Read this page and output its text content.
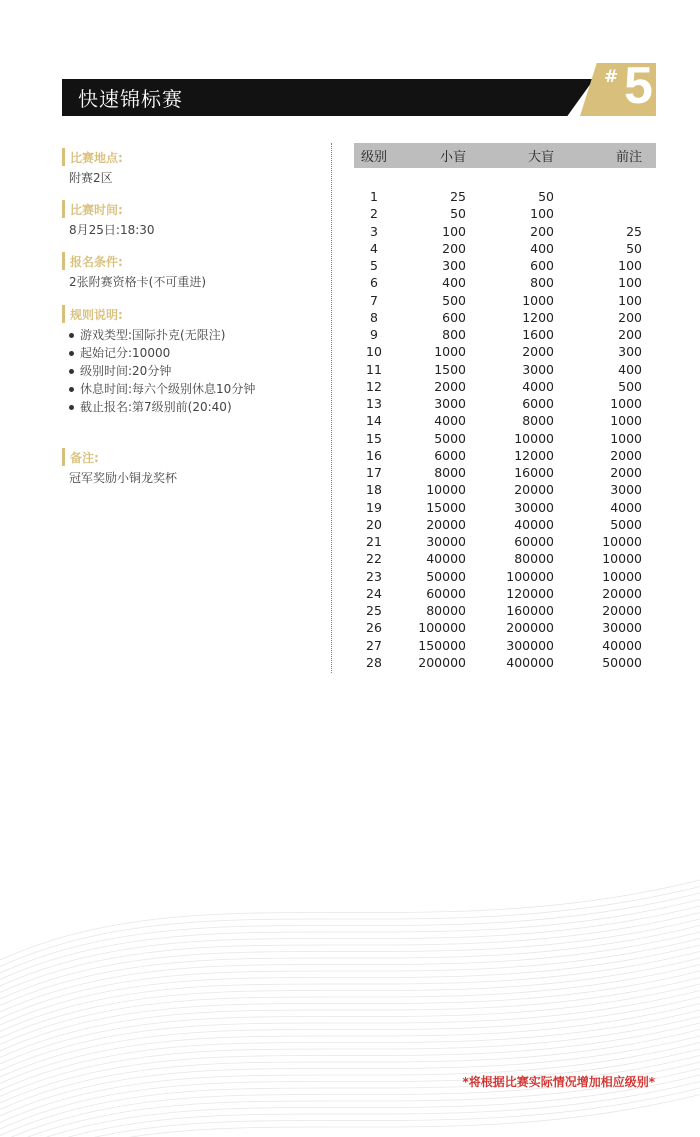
快速锦标赛
# 5
比赛地点:
附赛2区
比赛时间:
8月25日:18:30
报名条件:
2张附赛资格卡(不可重进)
规则说明:
游戏类型:国际扑克(无限注)
起始记分:10000
级别时间:20分钟
休息时间:每六个级别休息10分钟
截止报名:第7级别前(20:40)
备注:
冠军奖励小铜龙奖杯
级别	小盲	大盲	前注
1	25	50
2	50	100
3	100	200	25
4	200	400	50
5	300	600	100
6	400	800	100
7	500	1000	100
8	600	1200	200
9	800	1600	200
10	1000	2000	300
11	1500	3000	400
12	2000	4000	500
13	3000	6000	1000
14	4000	8000	1000
15	5000	10000	1000
16	6000	12000	2000
17	8000	16000	2000
18	10000	20000	3000
19	15000	30000	4000
20	20000	40000	5000
21	30000	60000	10000
22	40000	80000	10000
23	50000	100000	10000
24	60000	120000	20000
25	80000	160000	20000
26	100000	200000	30000
27	150000	300000	40000
28	200000	400000	50000
*将根据比赛实际情况增加相应级别*
